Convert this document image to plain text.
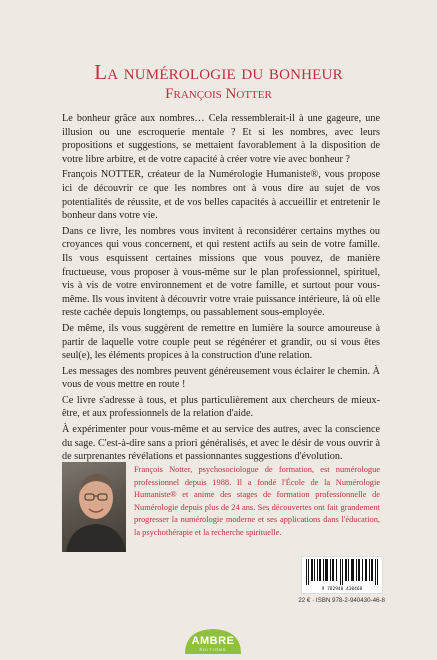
La numérologie du bonheur
François Notter

Le bonheur grâce aux nombres… Cela ressemblerait-il à une gageure, une illusion ou une escroquerie mentale ? Et si les nombres, avec leurs propositions et suggestions, se mettaient favorablement à la disposition de votre libre arbitre, et de votre capacité à créer votre vie avec bonheur ?

François NOTTER, créateur de la Numérologie Humaniste®, vous propose ici de découvrir ce que les nombres ont à vous dire au sujet de vos potentialités de réussite, et de vos belles capacités à accueillir et entretenir le bonheur dans votre vie.

Dans ce livre, les nombres vous invitent à reconsidérer certains mythes ou croyances qui vous concernent, et qui restent actifs au sein de votre famille. Ils vous esquissent certaines missions que vous pouvez, de manière fructueuse, vous proposer à vous-même sur le plan professionnel, spirituel, vis à vis de votre environnement et de votre famille, et surtout pour vous-même. Ils vous invitent à découvrir votre vraie puissance intérieure, là où elle reste cachée depuis longtemps, ou passablement sous-employée.

De même, ils vous suggèrent de remettre en lumière la source amoureuse à partir de laquelle votre couple peut se régénérer et grandir, ou si vous êtes seul(e), les éléments propices à la construction d'une relation.

Les messages des nombres peuvent généreusement vous éclairer le chemin. À vous de vous mettre en route !

Ce livre s'adresse à tous, et plus particulièrement aux chercheurs de mieux-être, et aux professionnels de la relation d'aide.

À expérimenter pour vous-même et au service des autres, avec la conscience du sage. C'est-à-dire sans a priori généralisés, et avec le désir de vous ouvrir à de surprenantes révélations et passionnantes suggestions d'évolution.

François Notter, psychosociologue de formation, est numérologue professionnel depuis 1988. Il a fondé l'École de la Numérologie Humaniste® et anime des stages de formation professionnelle de Numérologie depuis plus de 24 ans. Ses découvertes ont fait grandement progresser la numérologie moderne et ses applications dans l'éducation, la psychothérapie et la recherche spirituelle.

9 782940 430468
22 € · ISBN 978-2-940430-46-8
AMBRE
ÉDITIONS
